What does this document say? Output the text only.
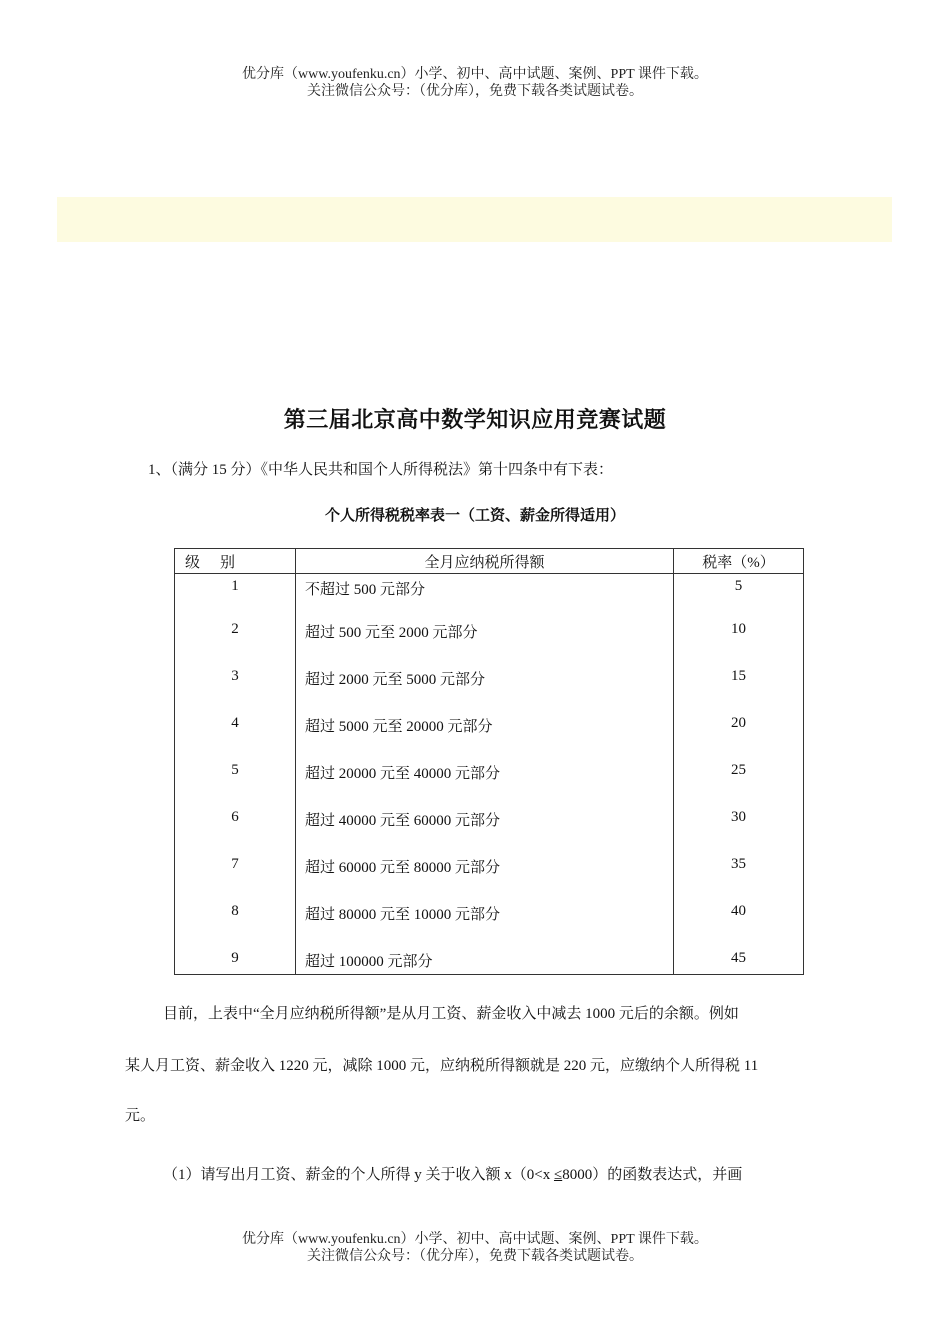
优分库（www.youfenku.cn）小学、初中、高中试题、案例、PPT 课件下载。
关注微信公众号：（优分库），免费下载各类试题试卷。
第三届北京高中数学知识应用竞赛试题
1、（满分 15 分）《中华人民共和国个人所得税法》第十四条中有下表：
个人所得税税率表一（工资、薪金所得适用）
级 别	全月应纳税所得额	税率（%）
1	不超过 500 元部分	5
2	超过 500 元至 2000 元部分	10
3	超过 2000 元至 5000 元部分	15
4	超过 5000 元至 20000 元部分	20
5	超过 20000 元至 40000 元部分	25
6	超过 40000 元至 60000 元部分	30
7	超过 60000 元至 80000 元部分	35
8	超过 80000 元至 10000 元部分	40
9	超过 100000 元部分	45
目前，上表中“全月应纳税所得额”是从月工资、薪金收入中减去 1000 元后的余额。例如
某人月工资、薪金收入 1220 元，减除 1000 元，应纳税所得额就是 220 元，应缴纳个人所得税 11
元。
（1）请写出月工资、薪金的个人所得 y 关于收入额 x（0<x ≤8000）的函数表达式，并画
优分库（www.youfenku.cn）小学、初中、高中试题、案例、PPT 课件下载。
关注微信公众号：（优分库），免费下载各类试题试卷。
